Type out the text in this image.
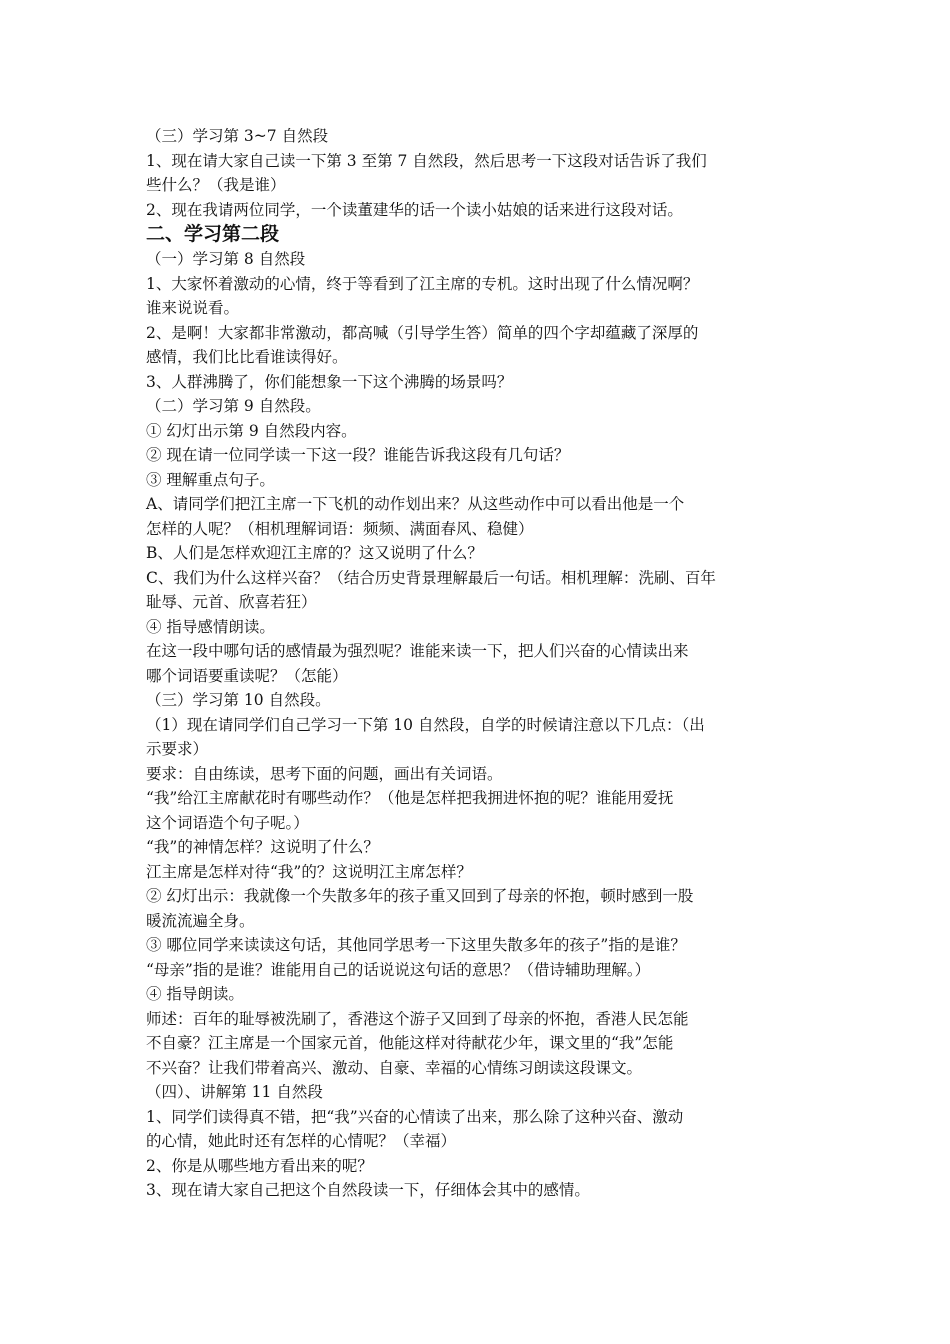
（三）学习第 3~7 自然段

1、现在请大家自己读一下第 3 至第 7 自然段，然后思考一下这段对话告诉了我们

些什么？（我是谁）

2、现在我请两位同学，一个读董建华的话一个读小姑娘的话来进行这段对话。

二、学习第二段

（一）学习第 8 自然段

1、大家怀着激动的心情，终于等看到了江主席的专机。这时出现了什么情况啊？

谁来说说看。

2、是啊！大家都非常激动，都高喊（引导学生答）简单的四个字却蕴藏了深厚的

感情，我们比比看谁读得好。

3、人群沸腾了，你们能想象一下这个沸腾的场景吗？

（二）学习第 9 自然段。

① 幻灯出示第 9 自然段内容。

② 现在请一位同学读一下这一段？谁能告诉我这段有几句话？

③ 理解重点句子。

A、请同学们把江主席一下飞机的动作划出来？从这些动作中可以看出他是一个

怎样的人呢？（相机理解词语：频频、满面春风、稳健）

B、人们是怎样欢迎江主席的？这又说明了什么？

C、我们为什么这样兴奋？（结合历史背景理解最后一句话。相机理解：洗刷、百年

耻辱、元首、欣喜若狂）

④ 指导感情朗读。

在这一段中哪句话的感情最为强烈呢？谁能来读一下，把人们兴奋的心情读出来

哪个词语要重读呢？（怎能）

（三）学习第 10 自然段。

（1）现在请同学们自己学习一下第 10 自然段，自学的时候请注意以下几点：（出

示要求）

要求：自由练读，思考下面的问题，画出有关词语。

“我”给江主席献花时有哪些动作？（他是怎样把我拥进怀抱的呢？谁能用爱抚

这个词语造个句子呢。）

“我”的神情怎样？这说明了什么？

江主席是怎样对待“我”的？这说明江主席怎样？

② 幻灯出示：我就像一个失散多年的孩子重又回到了母亲的怀抱，顿时感到一股

暖流流遍全身。

③ 哪位同学来读读这句话，其他同学思考一下这里失散多年的孩子”指的是谁？

“母亲”指的是谁？谁能用自己的话说说这句话的意思？（借诗辅助理解。）

④ 指导朗读。

师述：百年的耻辱被洗刷了，香港这个游子又回到了母亲的怀抱，香港人民怎能

不自豪？江主席是一个国家元首，他能这样对待献花少年，课文里的“我”怎能

不兴奋？让我们带着高兴、激动、自豪、幸福的心情练习朗读这段课文。

（四）、讲解第 11 自然段

1、同学们读得真不错，把“我”兴奋的心情读了出来，那么除了这种兴奋、激动

的心情，她此时还有怎样的心情呢？（幸福）

2、你是从哪些地方看出来的呢？

3、现在请大家自己把这个自然段读一下，仔细体会其中的感情。
